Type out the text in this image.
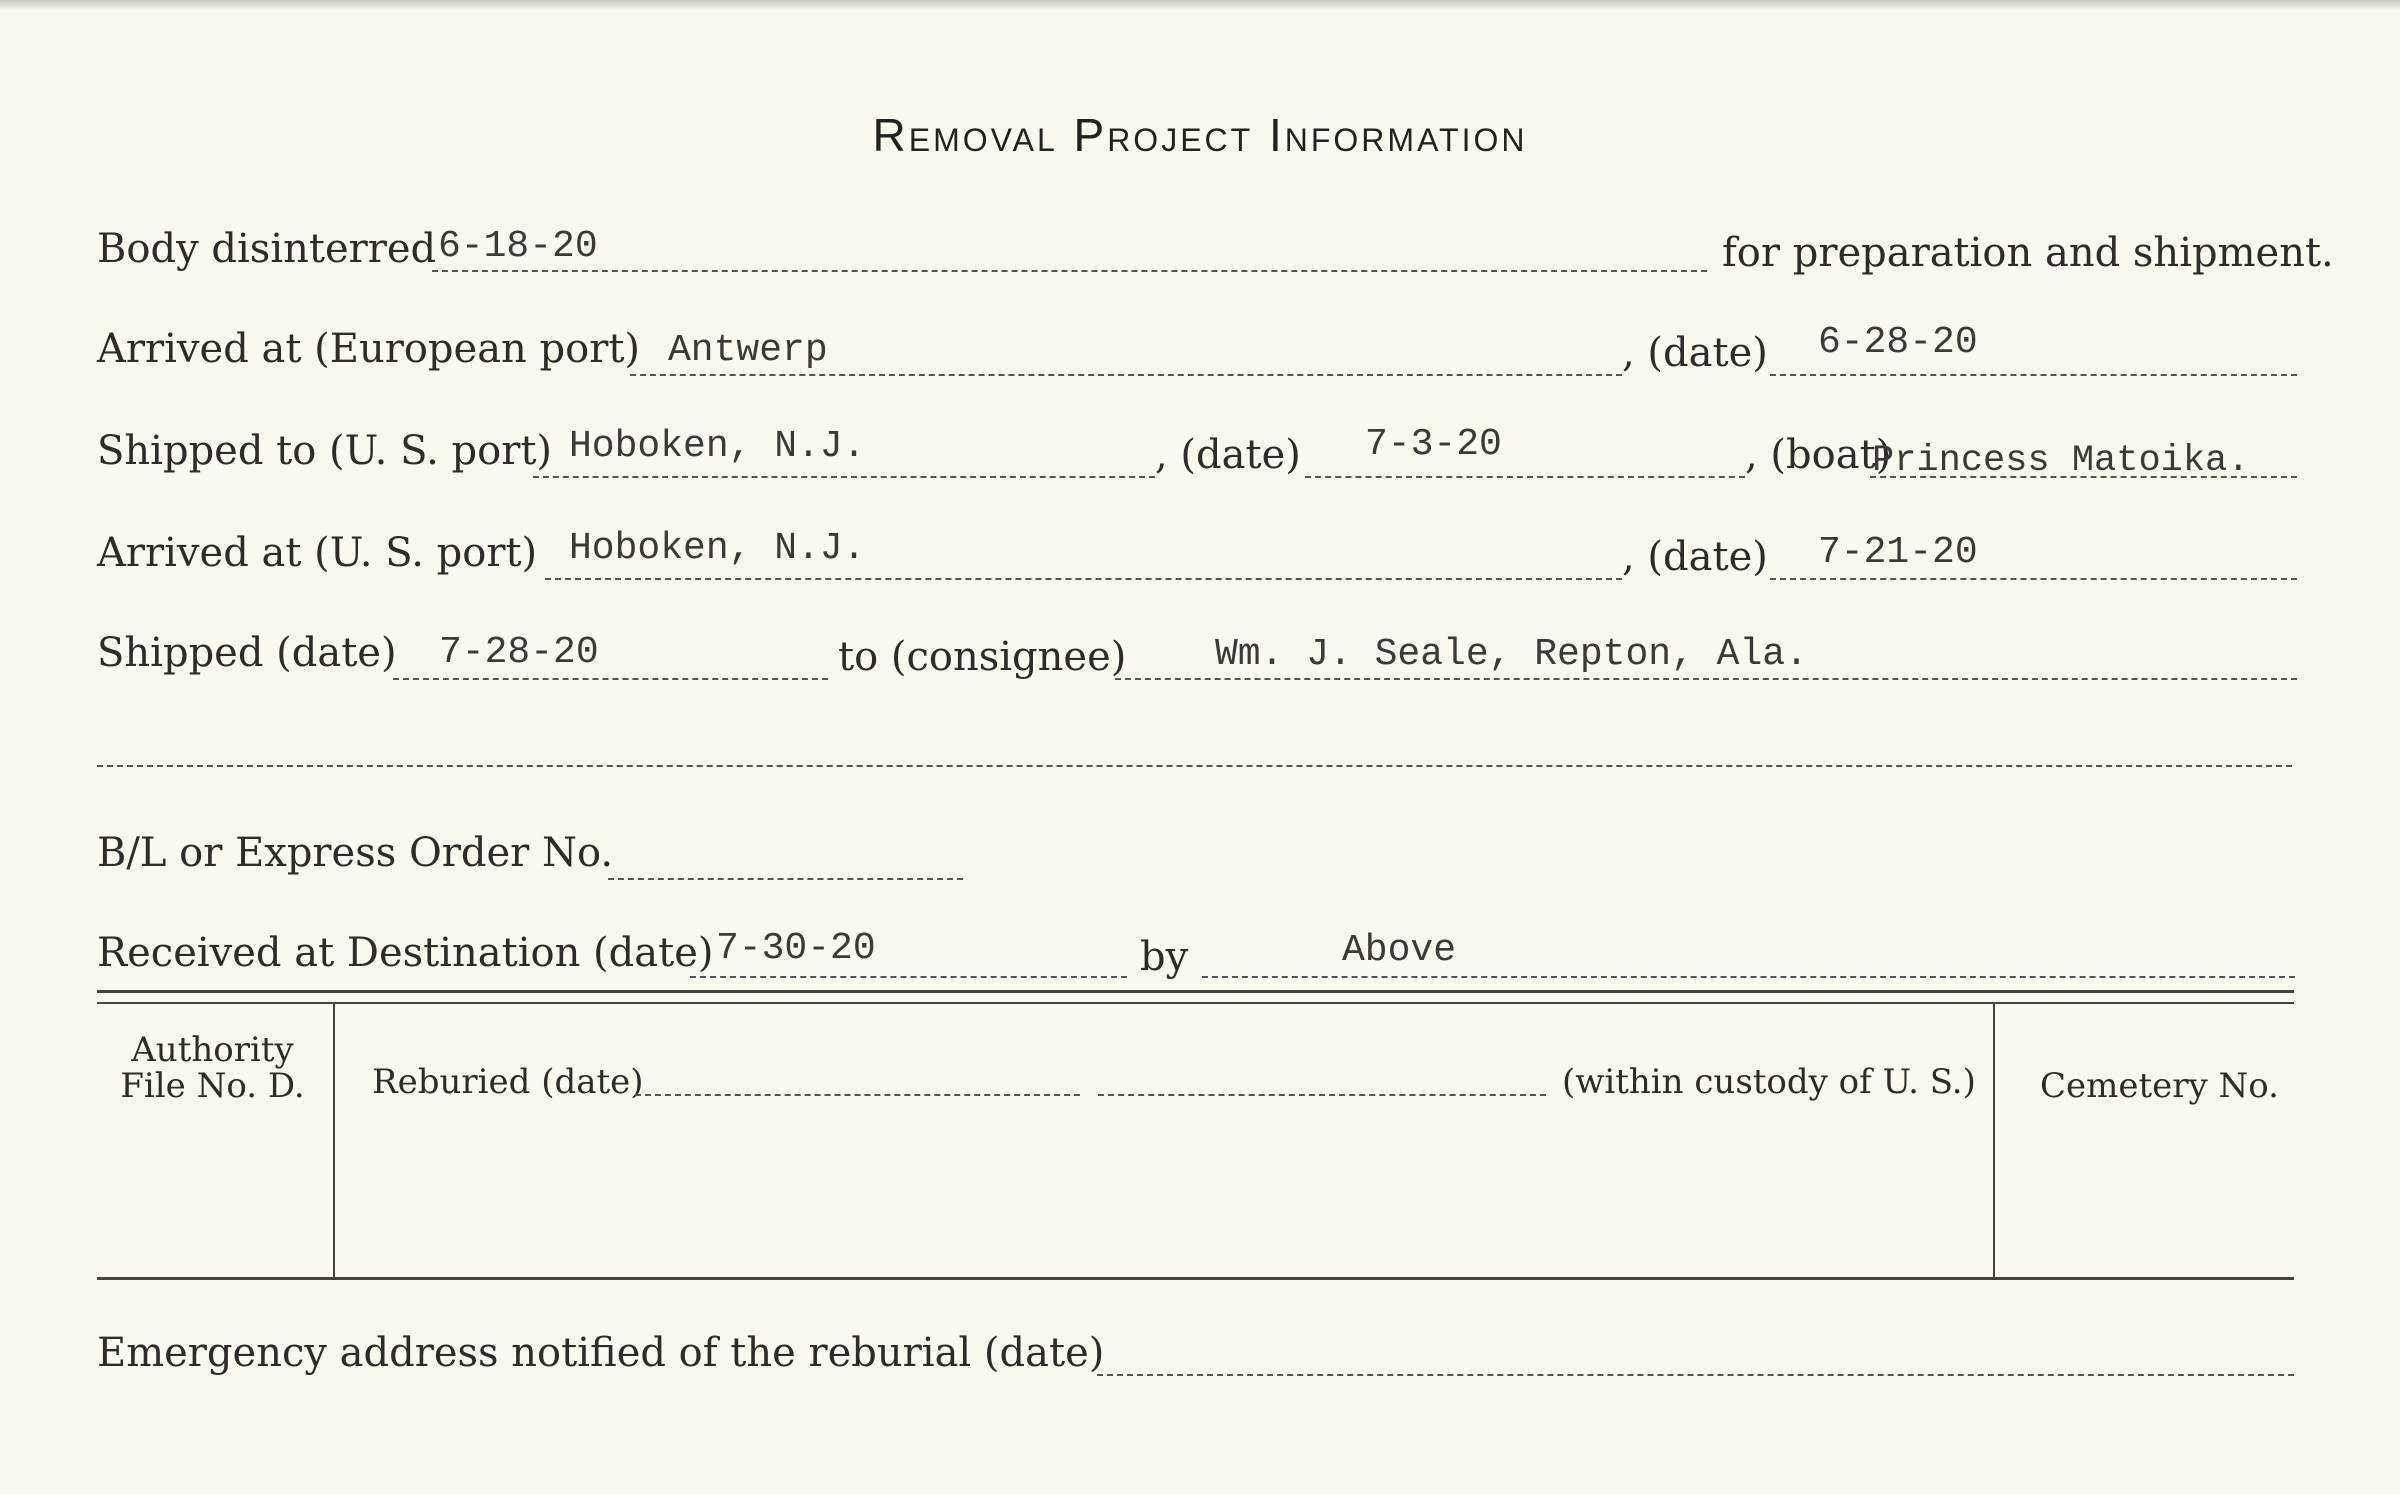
Removal Project Information
Body disinterred 6-18-20	for preparation and shipment.
Arrived at (European port) Antwerp	, (date) 6-28-20
Shipped to (U. S. port) Hoboken, N.J.	, (date) 7-3-20	, (boat)
Princess Matoika.
Arrived at (U. S. port) Hoboken, N.J.	, (date) 7-21-20
Shipped (date) 7-28-20	to (consignee) Wm. J. Seale, Repton, Ala.
B/L or Express Order No.
Received at Destination (date) 7-30-20	by	Above
Authority
File No. D.	Reburied (date)	(within custody of U. S.) Cemetery No.
Emergency address notified of the reburial (date)
